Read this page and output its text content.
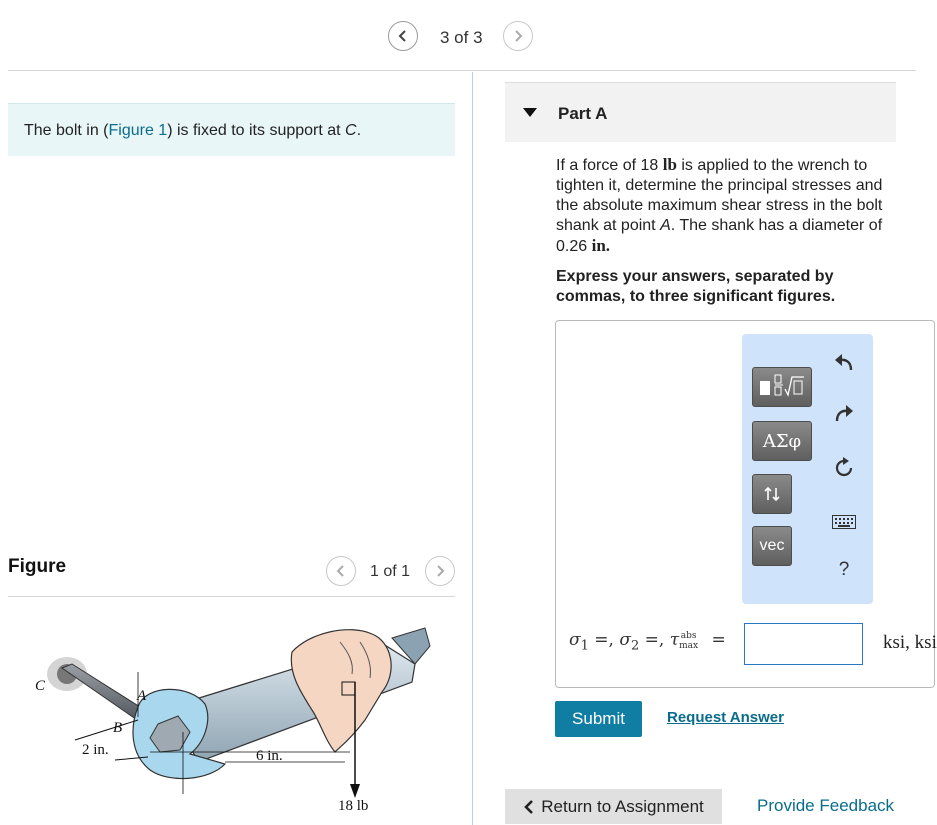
3 of 3
The bolt in (Figure 1) is fixed to its support at C.
Figure	1 of 1
C
A
B
2 in.	6 in.
18 lb
Part A
If a force of 18 lb is applied to the wrench to tighten it, determine the principal stresses and the absolute maximum shear stress in the bolt shank at point A. The shank has a diameter of 0.26 in.
Express your answers, separated by commas, to three significant figures.
ΑΣφ
vec
?
$\sigma_1$ =, $\sigma_2$ =, τ abs
max =	ksi, ksi
Submit	Request Answer
Return to Assignment	Provide Feedback
